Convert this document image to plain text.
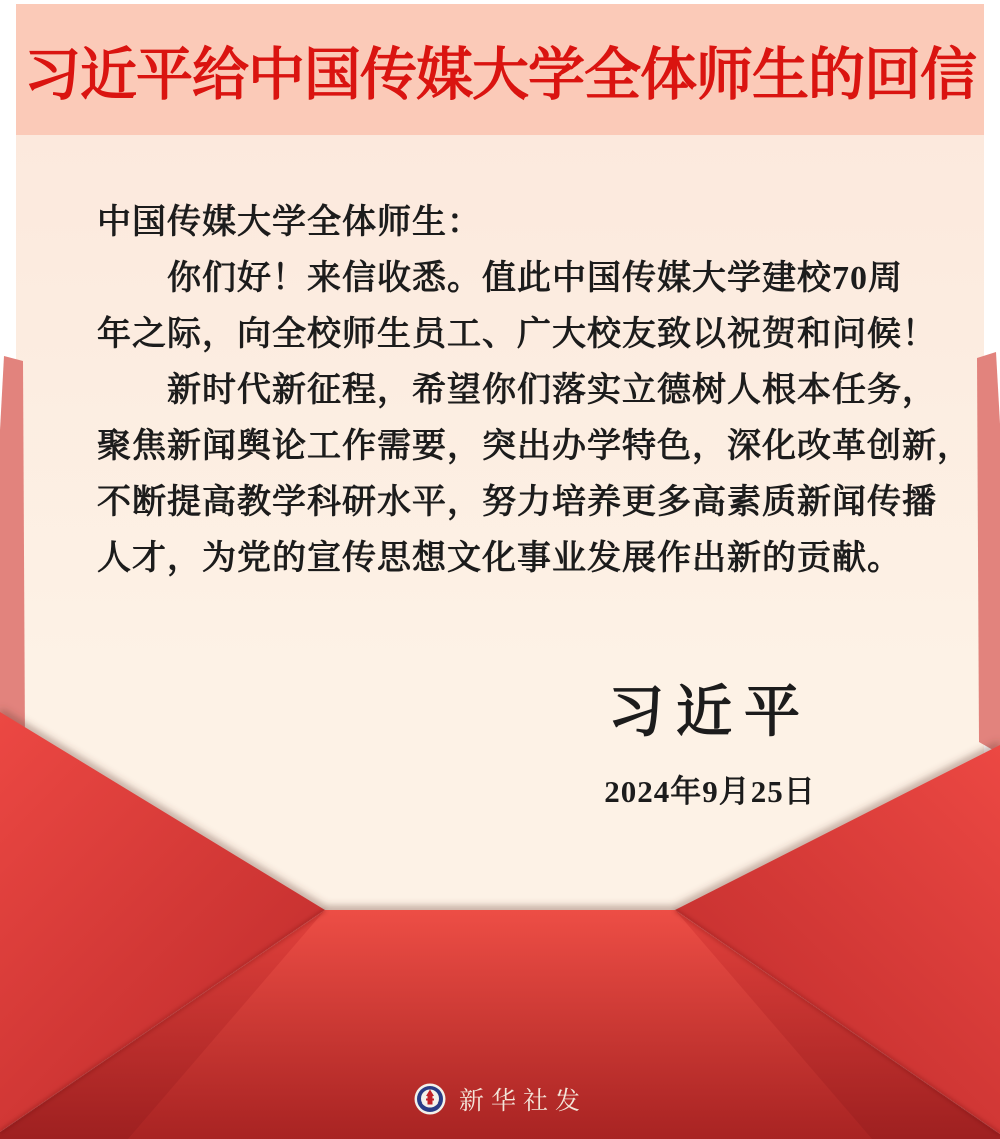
习近平给中国传媒大学全体师生的回信
中国传媒大学全体师生：
　　你们好！来信收悉。值此中国传媒大学建校70周
年之际，向全校师生员工、广大校友致以祝贺和问候！
　　新时代新征程，希望你们落实立德树人根本任务，
聚焦新闻舆论工作需要，突出办学特色，深化改革创新，
不断提高教学科研水平，努力培养更多高素质新闻传播
人才，为党的宣传思想文化事业发展作出新的贡献。
习近平
2024年9月25日
新华社发
